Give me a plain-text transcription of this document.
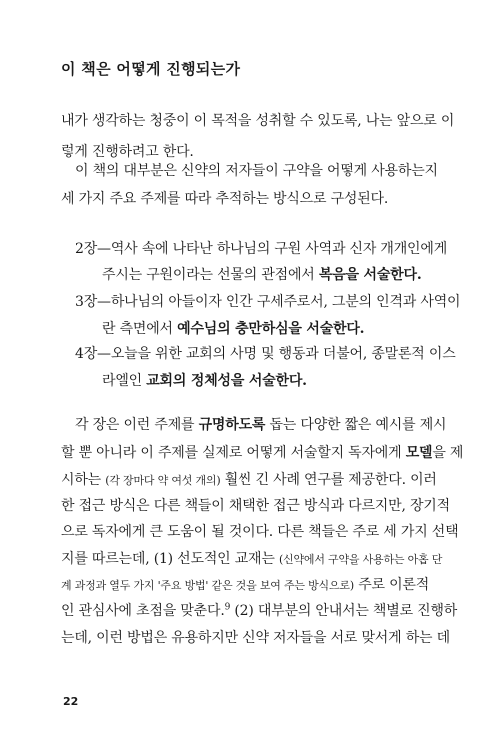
이 책은 어떻게 진행되는가
내가 생각하는 청중이 이 목적을 성취할 수 있도록, 나는 앞으로 이
렇게 진행하려고 한다.
이 책의 대부분은 신약의 저자들이 구약을 어떻게 사용하는지
세 가지 주요 주제를 따라 추적하는 방식으로 구성된다.
2장—역사 속에 나타난 하나님의 구원 사역과 신자 개개인에게
주시는 구원이라는 선물의 관점에서 복음을 서술한다.
3장—하나님의 아들이자 인간 구세주로서, 그분의 인격과 사역이
란 측면에서 예수님의 충만하심을 서술한다.
4장—오늘을 위한 교회의 사명 및 행동과 더불어, 종말론적 이스
라엘인 교회의 정체성을 서술한다.
각 장은 이런 주제를 규명하도록 돕는 다양한 짧은 예시를 제시
할 뿐 아니라 이 주제를 실제로 어떻게 서술할지 독자에게 모델을 제
시하는 (각 장마다 약 여섯 개의) 훨씬 긴 사례 연구를 제공한다. 이러
한 접근 방식은 다른 책들이 채택한 접근 방식과 다르지만, 장기적
으로 독자에게 큰 도움이 될 것이다. 다른 책들은 주로 세 가지 선택
지를 따르는데, (1) 선도적인 교재는 (신약에서 구약을 사용하는 아홉 단
계 과정과 열두 가지 '주요 방법' 같은 것을 보여 주는 방식으로) 주로 이론적
인 관심사에 초점을 맞춘다.$^9$ (2) 대부분의 안내서는 책별로 진행하
는데, 이런 방법은 유용하지만 신약 저자들을 서로 맞서게 하는 데
22
